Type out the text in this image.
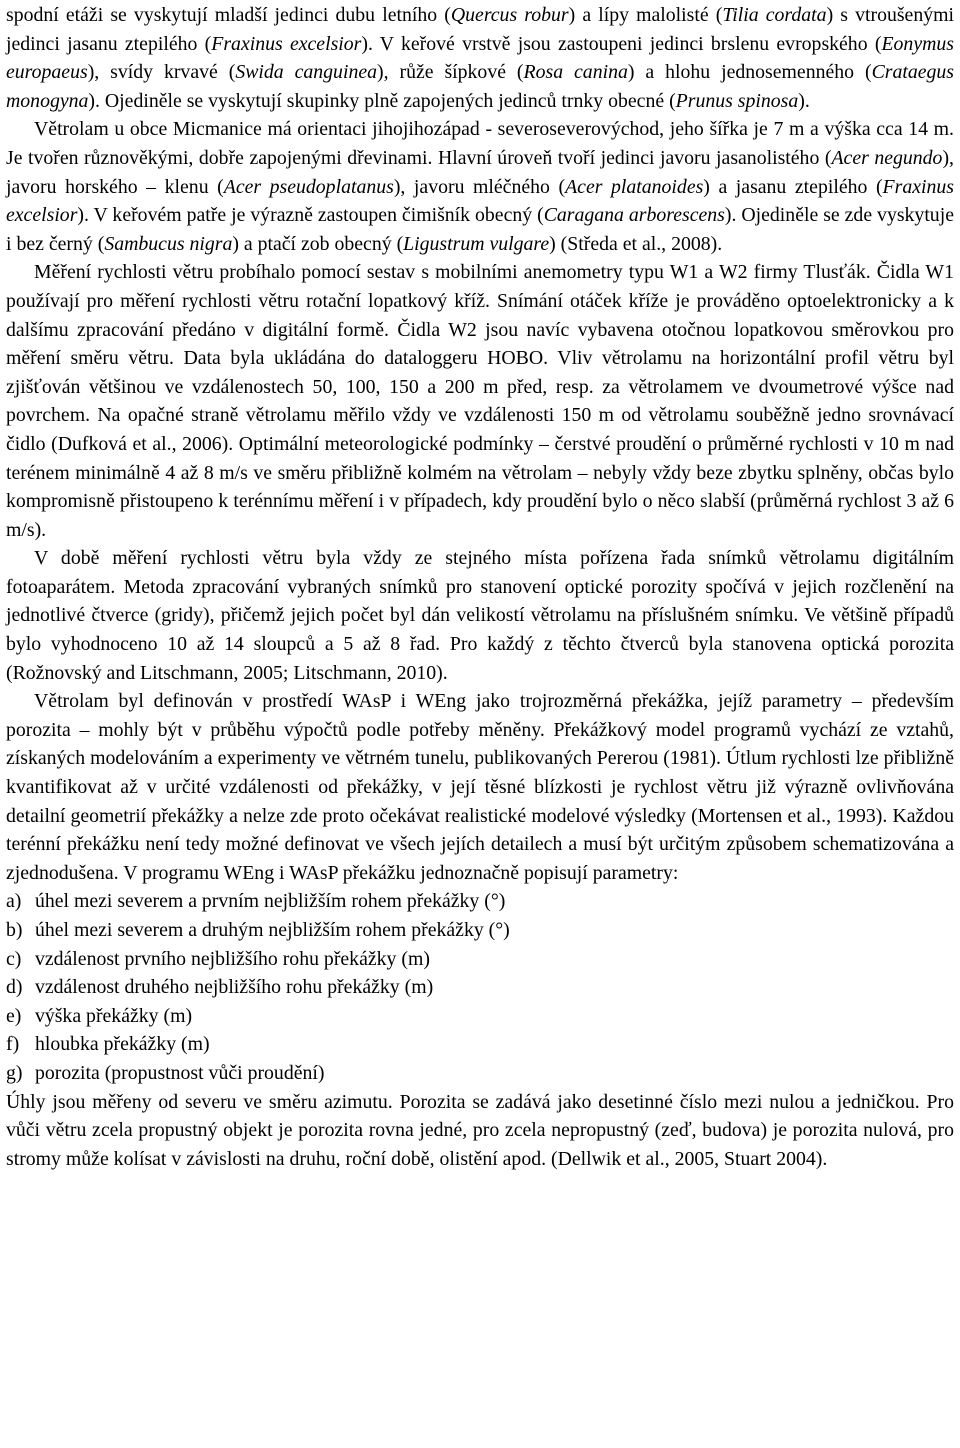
spodní etáži se vyskytují mladší jedinci dubu letního (Quercus robur) a lípy malolisté (Tilia cordata) s vtroušenými jedinci jasanu ztepilého (Fraxinus excelsior). V keřové vrstvě jsou zastoupeni jedinci brslenu evropského (Eonymus europaeus), svídy krvavé (Swida canguinea), růže šípkové (Rosa canina) a hlohu jednosemenného (Crataegus monogyna). Ojediněle se vyskytují skupinky plně zapojených jedinců trnky obecné (Prunus spinosa).

Větrolam u obce Micmanice má orientaci jihojihozápad - severoseverovýchod, jeho šířka je 7 m a výška cca 14 m. Je tvořen různověkými, dobře zapojenými dřevinami. Hlavní úroveň tvoří jedinci javoru jasanolistého (Acer negundo), javoru horského – klenu (Acer pseudoplatanus), javoru mléčného (Acer platanoides) a jasanu ztepilého (Fraxinus excelsior). V keřovém patře je výrazně zastoupen čimišník obecný (Caragana arborescens). Ojediněle se zde vyskytuje i bez černý (Sambucus nigra) a ptačí zob obecný (Ligustrum vulgare) (Středa et al., 2008).

Měření rychlosti větru probíhalo pomocí sestav s mobilními anemometry typu W1 a W2 firmy Tlusťák. Čidla W1 používají pro měření rychlosti větru rotační lopatkový kříž. Snímání otáček kříže je prováděno optoelektronicky a k dalšímu zpracování předáno v digitální formě. Čidla W2 jsou navíc vybavena otočnou lopatkovou směrovkou pro měření směru větru. Data byla ukládána do dataloggeru HOBO. Vliv větrolamu na horizontální profil větru byl zjišťován většinou ve vzdálenostech 50, 100, 150 a 200 m před, resp. za větrolamem ve dvoumetrové výšce nad povrchem. Na opačné straně větrolamu měřilo vždy ve vzdálenosti 150 m od větrolamu souběžně jedno srovnávací čidlo (Dufková et al., 2006). Optimální meteorologické podmínky – čerstvé proudění o průměrné rychlosti v 10 m nad terénem minimálně 4 až 8 m/s ve směru přibližně kolmém na větrolam – nebyly vždy beze zbytku splněny, občas bylo kompromisně přistoupeno k terénnímu měření i v případech, kdy proudění bylo o něco slabší (průměrná rychlost 3 až 6 m/s).

V době měření rychlosti větru byla vždy ze stejného místa pořízena řada snímků větrolamu digitálním fotoaparátem. Metoda zpracování vybraných snímků pro stanovení optické porozity spočívá v jejich rozčlenění na jednotlivé čtverce (gridy), přičemž jejich počet byl dán velikostí větrolamu na příslušném snímku. Ve většině případů bylo vyhodnoceno 10 až 14 sloupců a 5 až 8 řad. Pro každý z těchto čtverců byla stanovena optická porozita (Rožnovský and Litschmann, 2005; Litschmann, 2010).

Větrolam byl definován v prostředí WAsP i WEng jako trojrozměrná překážka, jejíž parametry – především porozita – mohly být v průběhu výpočtů podle potřeby měněny. Překážkový model programů vychází ze vztahů, získaných modelováním a experimenty ve větrném tunelu, publikovaných Pererou (1981). Útlum rychlosti lze přibližně kvantifikovat až v určité vzdálenosti od překážky, v její těsné blízkosti je rychlost větru již výrazně ovlivňována detailní geometrií překážky a nelze zde proto očekávat realistické modelové výsledky (Mortensen et al., 1993). Každou terénní překážku není tedy možné definovat ve všech jejích detailech a musí být určitým způsobem schematizována a zjednodušena. V programu WEng i WAsP překážku jednoznačně popisují parametry:

a) úhel mezi severem a prvním nejbližším rohem překážky (°)
b) úhel mezi severem a druhým nejbližším rohem překážky (°)
c) vzdálenost prvního nejbližšího rohu překážky (m)
d) vzdálenost druhého nejbližšího rohu překážky (m)
e) výška překážky (m)
f) hloubka překážky (m)
g) porozita (propustnost vůči proudění)

Úhly jsou měřeny od severu ve směru azimutu. Porozita se zadává jako desetinné číslo mezi nulou a jedničkou. Pro vůči větru zcela propustný objekt je porozita rovna jedné, pro zcela nepropustný (zeď, budova) je porozita nulová, pro stromy může kolísat v závislosti na druhu, roční době, olistění apod. (Dellwik et al., 2005, Stuart 2004).
